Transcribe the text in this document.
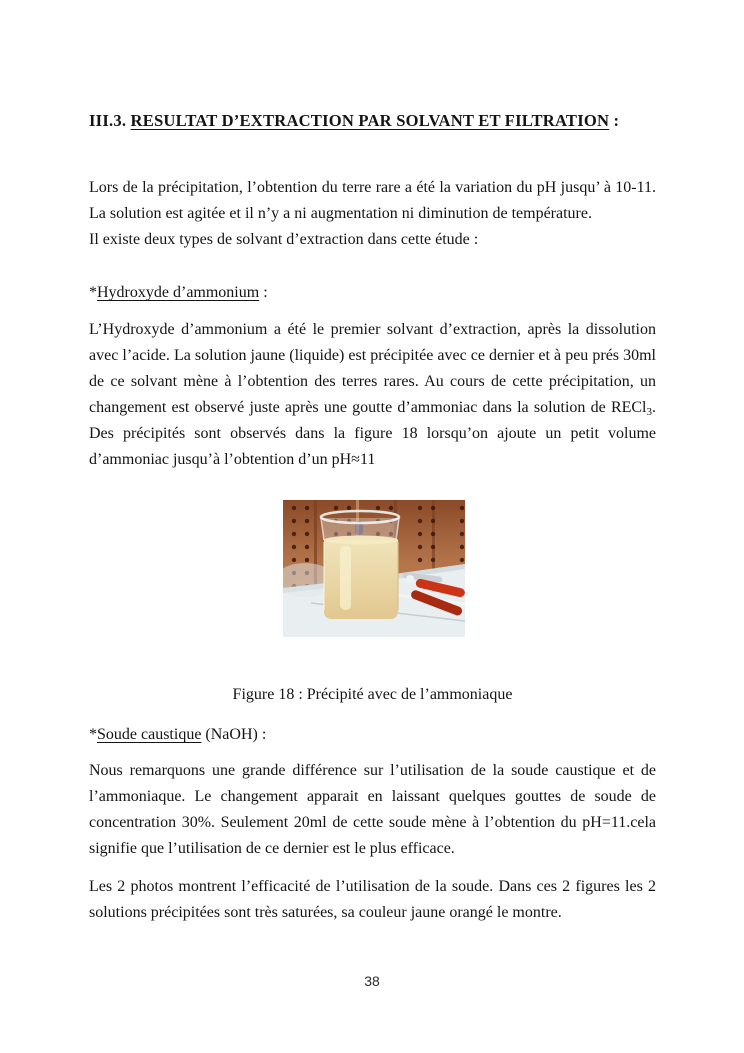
III.3. RESULTAT D’EXTRACTION PAR SOLVANT ET FILTRATION :

Lors de la précipitation, l’obtention du terre rare a été la variation du pH jusqu’ à 10-11. La solution est agitée et il n’y a ni augmentation ni diminution de température.

Il existe deux types de solvant d’extraction dans cette étude :

*Hydroxyde d’ammonium :

L’Hydroxyde d’ammonium a été le premier solvant d’extraction, après la dissolution avec l’acide. La solution jaune (liquide) est précipitée avec ce dernier et à peu prés 30ml de ce solvant mène à l’obtention des terres rares. Au cours de cette précipitation, un changement est observé juste après une goutte d’ammoniac dans la solution de RECl$_3$. Des précipités sont observés dans la figure 18 lorsqu’on ajoute un petit volume d’ammoniac jusqu’à l’obtention d’un pH≈11

Figure 18 : Précipité avec de l’ammoniaque

*Soude caustique (NaOH) :

Nous remarquons une grande différence sur l’utilisation de la soude caustique et de l’ammoniaque. Le changement apparait en laissant quelques gouttes de soude de concentration 30%. Seulement 20ml de cette soude mène à l’obtention du pH=11.cela signifie que l’utilisation de ce dernier est le plus efficace.

Les 2 photos montrent l’efficacité de l’utilisation de la soude. Dans ces 2 figures les 2 solutions précipitées sont très saturées, sa couleur jaune orangé le montre.

38
